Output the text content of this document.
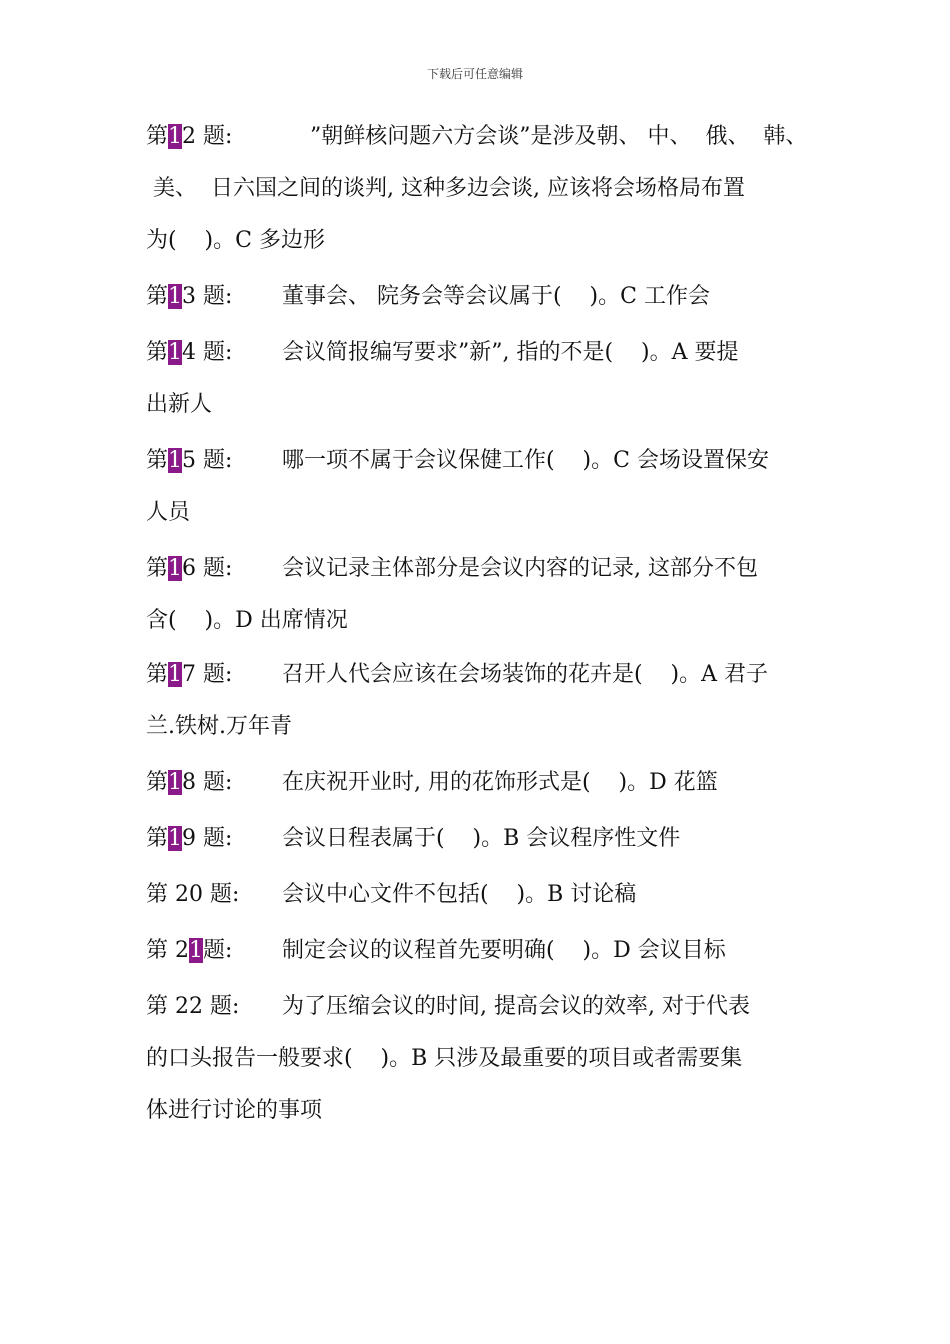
下载后可任意编辑
第12 题:    ”朝鲜核问题六方会谈”是涉及朝、 中、  俄、  韩、
美、  日六国之间的谈判, 这种多边会谈, 应该将会场格局布置
为(    )。C 多边形
第13 题: 董事会、 院务会等会议属于(    )。C 工作会
第14 题: 会议简报编写要求”新”, 指的不是(    )。A 要提
出新人
第15 题: 哪一项不属于会议保健工作(    )。C 会场设置保安
人员
第16 题: 会议记录主体部分是会议内容的记录, 这部分不包
含(    )。D 出席情况
第17 题: 召开人代会应该在会场装饰的花卉是(    )。A 君子
兰.铁树.万年青
第18 题: 在庆祝开业时, 用的花饰形式是(    )。D 花篮
第19 题: 会议日程表属于(    )。B 会议程序性文件
第 20 题: 会议中心文件不包括(    )。B 讨论稿
第 21题: 制定会议的议程首先要明确(    )。D 会议目标
第 22 题: 为了压缩会议的时间, 提高会议的效率, 对于代表
的口头报告一般要求(    )。B 只涉及最重要的项目或者需要集
体进行讨论的事项
